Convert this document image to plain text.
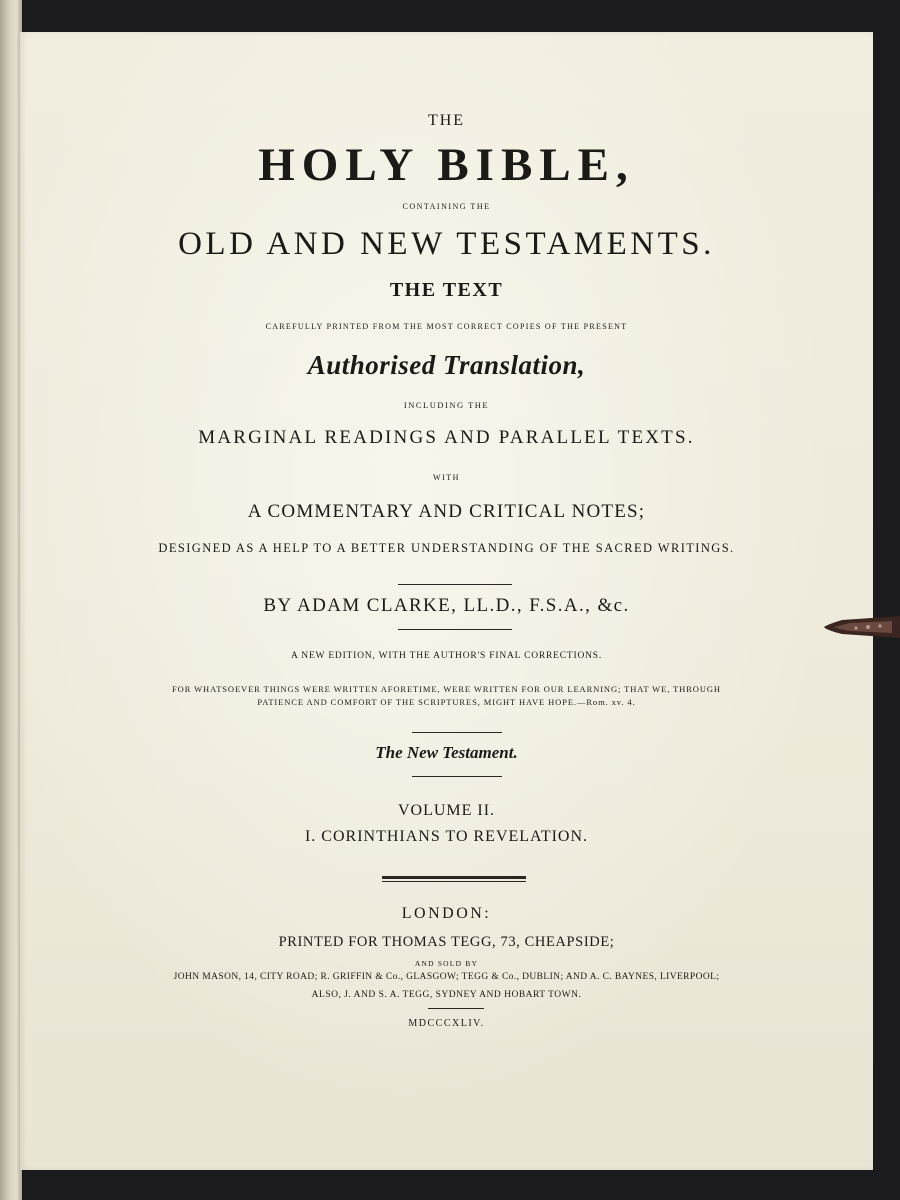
THE
HOLY BIBLE,
CONTAINING THE
OLD AND NEW TESTAMENTS.
THE TEXT
CAREFULLY PRINTED FROM THE MOST CORRECT COPIES OF THE PRESENT
Authorised Translation,
INCLUDING THE
MARGINAL READINGS AND PARALLEL TEXTS.
WITH
A COMMENTARY AND CRITICAL NOTES;
DESIGNED AS A HELP TO A BETTER UNDERSTANDING OF THE SACRED WRITINGS.
BY ADAM CLARKE, LL.D., F.S.A., &c.
A NEW EDITION, WITH THE AUTHOR'S FINAL CORRECTIONS.
FOR WHATSOEVER THINGS WERE WRITTEN AFORETIME, WERE WRITTEN FOR OUR LEARNING; THAT WE, THROUGH
PATIENCE AND COMFORT OF THE SCRIPTURES, MIGHT HAVE HOPE.—Rom. xv. 4.
The New Testament.
VOLUME II.
I. CORINTHIANS TO REVELATION.
LONDON:
PRINTED FOR THOMAS TEGG, 73, CHEAPSIDE;
AND SOLD BY
JOHN MASON, 14, CITY ROAD; R. GRIFFIN & Co., GLASGOW; TEGG & Co., DUBLIN; AND A. C. BAYNES, LIVERPOOL;
ALSO, J. AND S. A. TEGG, SYDNEY AND HOBART TOWN.
MDCCCXLIV.
